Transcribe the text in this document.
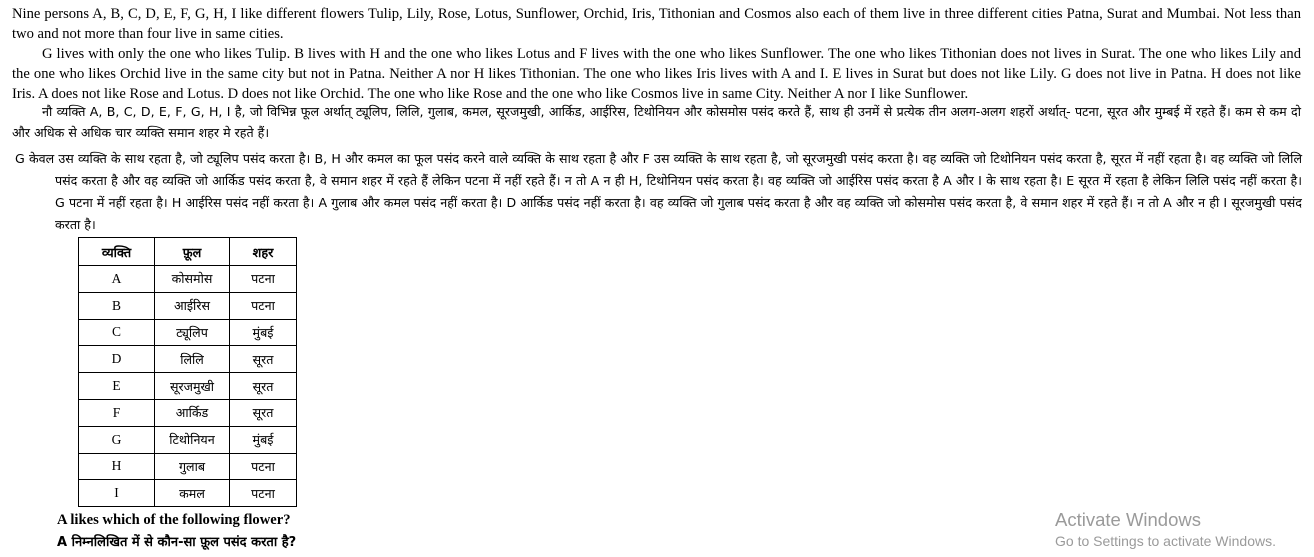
Nine persons A, B, C, D, E, F, G, H, I like different flowers Tulip, Lily, Rose, Lotus, Sunflower, Orchid, Iris, Tithonian and Cosmos also each of them live in three different cities Patna, Surat and Mumbai. Not less than two and not more than four live in same cities.
G lives with only the one who likes Tulip. B lives with H and the one who likes Lotus and F lives with the one who likes Sunflower. The one who likes Tithonian does not lives in Surat. The one who likes Lily and the one who likes Orchid live in the same city but not in Patna. Neither A nor H likes Tithonian. The one who likes Iris lives with A and I. E lives in Surat but does not like Lily. G does not live in Patna. H does not like Iris. A does not like Rose and Lotus. D does not like Orchid. The one who like Rose and the one who like Cosmos live in same City. Neither A nor I like Sunflower.
नौ व्यक्ति A, B, C, D, E, F, G, H, I है, जो विभिन्न फूल अर्थात् ट्यूलिप, लिलि, गुलाब, कमल, सूरजमुखी, आर्किड, आईरिस, टिथोनियन और कोसमोस पसंद करते हैं, साथ ही उनमें से प्रत्येक तीन अलग-अलग शहरों अर्थात्- पटना, सूरत और मुम्बई में रहते हैं। कम से कम दो और अधिक से अधिक चार व्यक्ति समान शहर मे रहते हैं।
G केवल उस व्यक्ति के साथ रहता है, जो ट्यूलिप पसंद करता है। B, H और कमल का फूल पसंद करने वाले व्यक्ति के साथ रहता है और F उस व्यक्ति के साथ रहता है, जो सूरजमुखी पसंद करता है। वह व्यक्ति जो टिथोनियन पसंद करता है, सूरत में नहीं रहता है। वह व्यक्ति जो लिलि पसंद करता है और वह व्यक्ति जो आर्किड पसंद करता है, वे समान शहर में रहते हैं लेकिन पटना में नहीं रहते हैं। न तो A न ही H, टिथोनियन पसंद करता है। वह व्यक्ति जो आईरिस पसंद करता है A और I के साथ रहता है। E सूरत में रहता है लेकिन लिलि पसंद नहीं करता है। G पटना में नहीं रहता है। H आईरिस पसंद नहीं करता है। A गुलाब और कमल पसंद नहीं करता है। D आर्किड पसंद नहीं करता है। वह व्यक्ति जो गुलाब पसंद करता है और वह व्यक्ति जो कोसमोस पसंद करता है, वे समान शहर में रहते हैं। न तो A और न ही I सूरजमुखी पसंद करता है।
व्यक्ति	फ़ूल	शहर
A	कोसमोस	पटना
B	आईरिस	पटना
C	ट्यूलिप	मुंबई
D	लिलि	सूरत
E	सूरजमुखी	सूरत
F	आर्किड	सूरत
G	टिथोनियन	मुंबई
H	गुलाब	पटना
I	कमल	पटना
A likes which of the following flower?
A निम्नलिखित में से कौन-सा फ़ूल पसंद करता है?
Activate Windows
Go to Settings to activate Windows.
